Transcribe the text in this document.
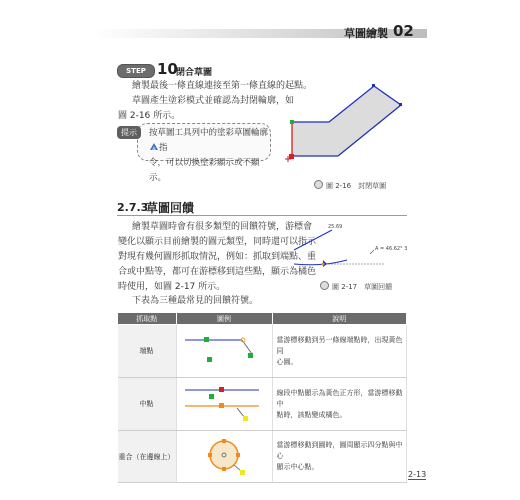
草圖繪製 02
STEP 10
閉合草圖
繪製最後一條直線連接至第一條直線的起點。
草圖產生塗彩模式並確認為封閉輪廓，如
圖 2-16 所示。
提示	按草圖工具列中的塗彩草圖輪廓指
令，可以切換塗彩顯示或不顯示。
圖 2-16　封閉草圖
2.7.3
草圖回饋
繪製草圖時會有很多類型的回饋符號，游標會
變化以顯示目前繪製的圖元類型，同時還可以指示
對現有幾何圖形抓取情況，例如：抓取到端點、重
合或中點等，都可在游標移到這些點，顯示為橘色
時使用，如圖 2-17 所示。
25.69
A = 46.62° 3
圖 2-17　草圖回饋
下表為三種最常見的回饋符號。
抓取點	圖例	說明
端點		當游標移動到另一條線端點時，出現黃色同
心圓。

中點		線段中點顯示為黃色正方形，當游標移動中
點時，該點變成橘色。

重合（在邊線上）		當游標移動到圓時，圓周顯示四分點與中心
顯示中心點。
2-13
